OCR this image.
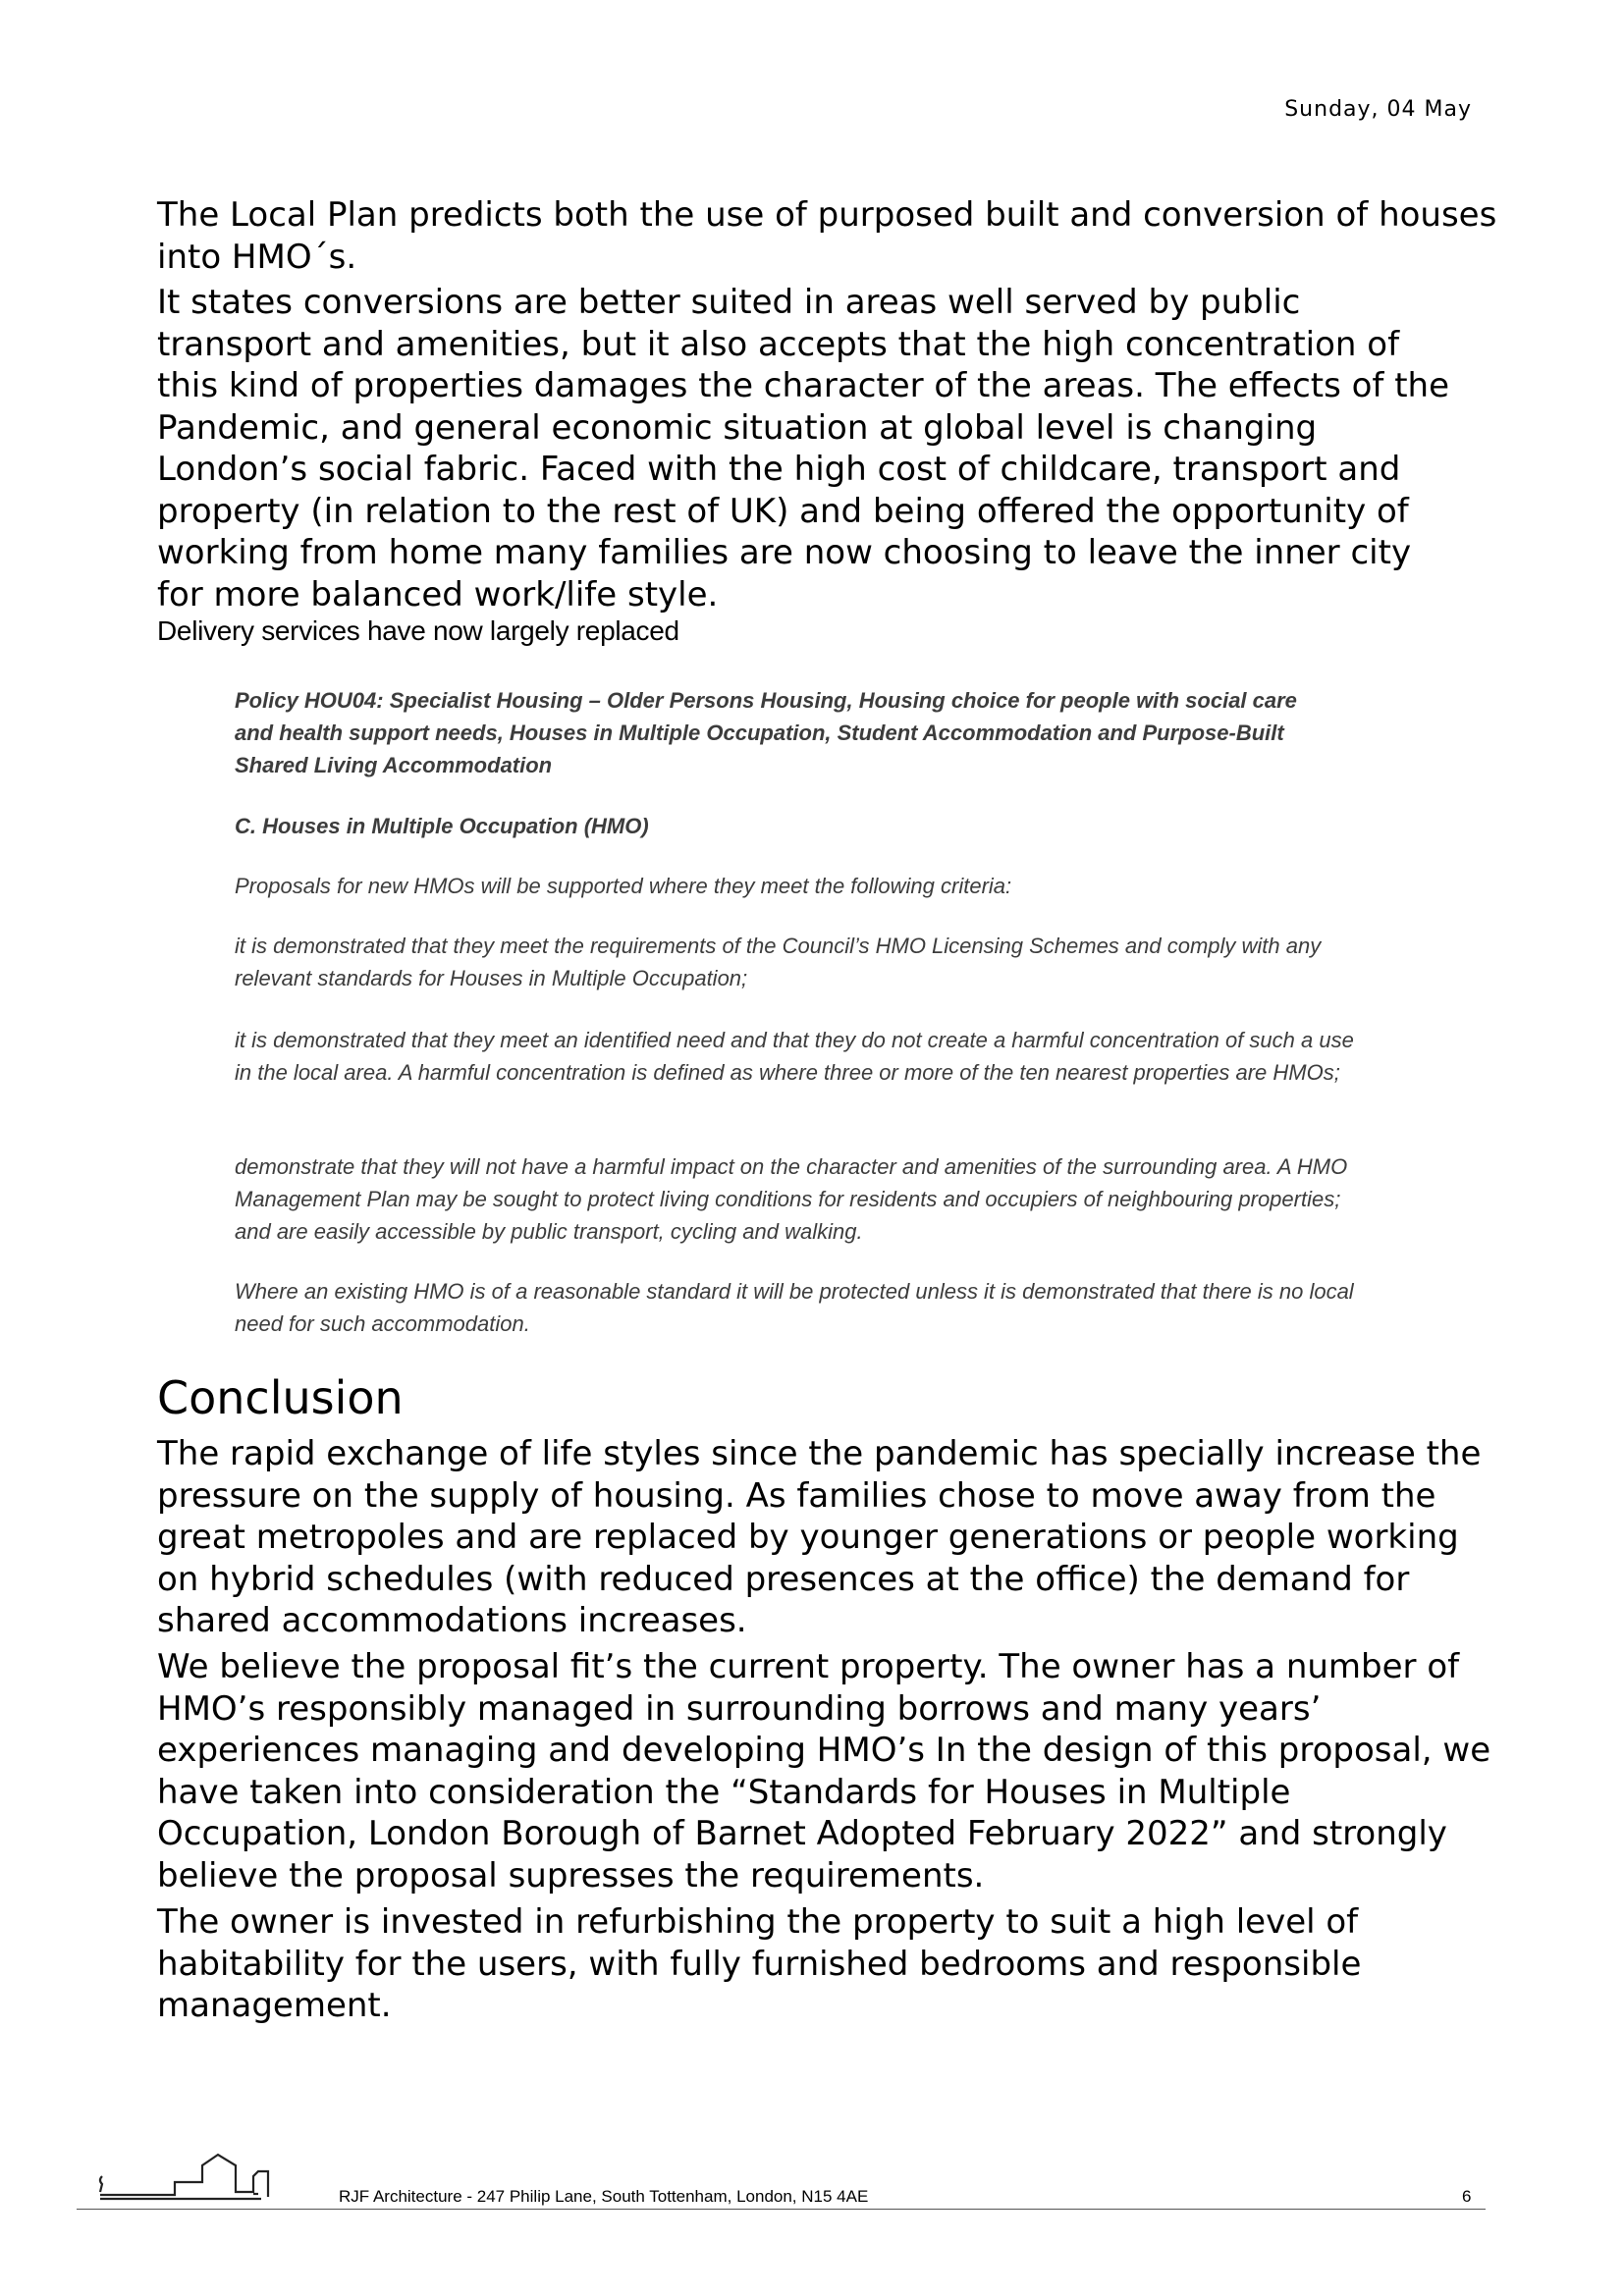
Sunday, 04 May

The Local Plan predicts both the use of purposed built and conversion of houses into HMO´s.

It states conversions are better suited in areas well served by public transport and amenities, but it also accepts that the high concentration of this kind of properties damages the character of the areas. The effects of the Pandemic, and general economic situation at global level is changing London’s social fabric. Faced with the high cost of childcare, transport and property (in relation to the rest of UK) and being offered the opportunity of working from home many families are now choosing to leave the inner city for more balanced work/life style.

Delivery services have now largely replaced

Policy HOU04: Specialist Housing – Older Persons Housing, Housing choice for people with social care and health support needs, Houses in Multiple Occupation, Student Accommodation and Purpose-Built Shared Living Accommodation

C. Houses in Multiple Occupation (HMO)

Proposals for new HMOs will be supported where they meet the following criteria:

it is demonstrated that they meet the requirements of the Council’s HMO Licensing Schemes and comply with any relevant standards for Houses in Multiple Occupation;

it is demonstrated that they meet an identified need and that they do not create a harmful concentration of such a use in the local area. A harmful concentration is defined as where three or more of the ten nearest properties are HMOs;

demonstrate that they will not have a harmful impact on the character and amenities of the surrounding area. A HMO Management Plan may be sought to protect living conditions for residents and occupiers of neighbouring properties; and are easily accessible by public transport, cycling and walking.

Where an existing HMO is of a reasonable standard it will be protected unless it is demonstrated that there is no local need for such accommodation.

Conclusion

The rapid exchange of life styles since the pandemic has specially increase the pressure on the supply of housing. As families chose to move away from the great metropoles and are replaced by younger generations or people working on hybrid schedules (with reduced presences at the office) the demand for shared accommodations increases.

We believe the proposal fit’s the current property. The owner has a number of HMO’s responsibly managed in surrounding borrows and many years’ experiences managing and developing HMO’s In the design of this proposal, we have taken into consideration the “Standards for Houses in Multiple Occupation, London Borough of Barnet Adopted February 2022” and strongly believe the proposal supresses the requirements.

The owner is invested in refurbishing the property to suit a high level of habitability for the users, with fully furnished bedrooms and responsible management.

RJF Architecture - 247 Philip Lane, South Tottenham, London, N15 4AE	6
